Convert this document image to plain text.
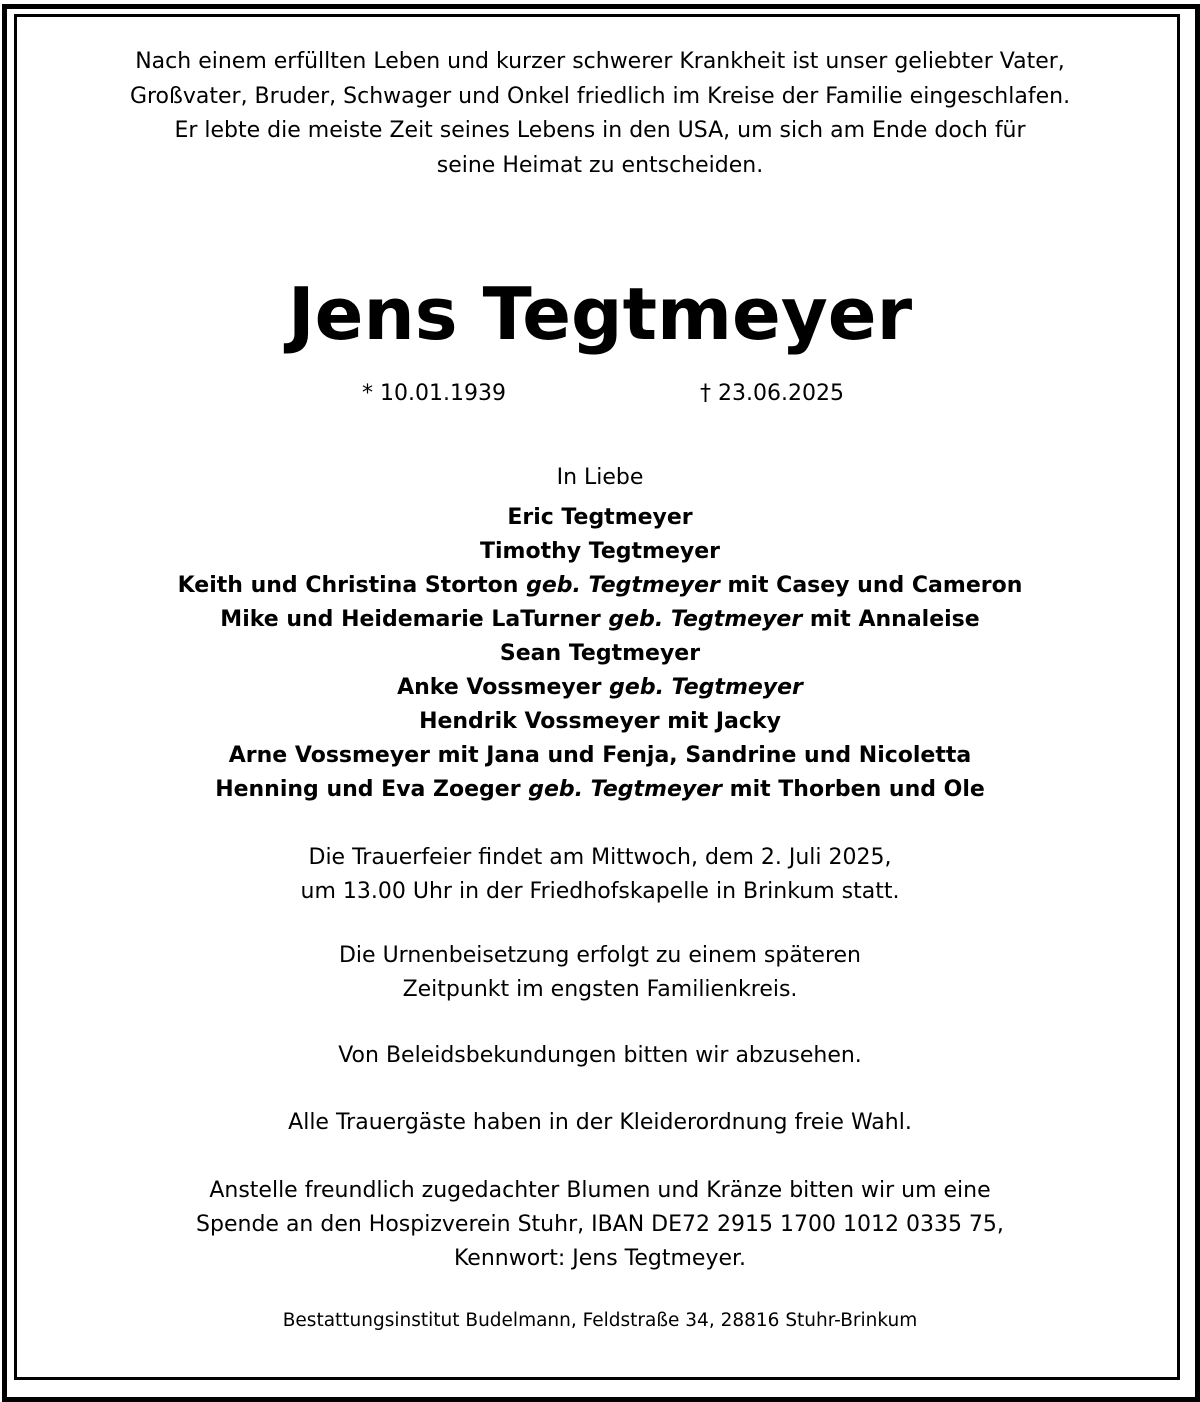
Nach einem erfüllten Leben und kurzer schwerer Krankheit ist unser geliebter Vater,
Großvater, Bruder, Schwager und Onkel friedlich im Kreise der Familie eingeschlafen.
Er lebte die meiste Zeit seines Lebens in den USA, um sich am Ende doch für
seine Heimat zu entscheiden.
Jens Tegtmeyer
* 10.01.1939	† 23.06.2025
In Liebe
Eric Tegtmeyer
Timothy Tegtmeyer
Keith und Christina Storton geb. Tegtmeyer mit Casey und Cameron
Mike und Heidemarie LaTurner geb. Tegtmeyer mit Annaleise
Sean Tegtmeyer
Anke Vossmeyer geb. Tegtmeyer
Hendrik Vossmeyer mit Jacky
Arne Vossmeyer mit Jana und Fenja, Sandrine und Nicoletta
Henning und Eva Zoeger geb. Tegtmeyer mit Thorben und Ole
Die Trauerfeier findet am Mittwoch, dem 2. Juli 2025,
um 13.00 Uhr in der Friedhofskapelle in Brinkum statt.
Die Urnenbeisetzung erfolgt zu einem späteren
Zeitpunkt im engsten Familienkreis.
Von Beleidsbekundungen bitten wir abzusehen.
Alle Trauergäste haben in der Kleiderordnung freie Wahl.
Anstelle freundlich zugedachter Blumen und Kränze bitten wir um eine
Spende an den Hospizverein Stuhr, IBAN DE72 2915 1700 1012 0335 75,
Kennwort: Jens Tegtmeyer.
Bestattungsinstitut Budelmann, Feldstraße 34, 28816 Stuhr-Brinkum
